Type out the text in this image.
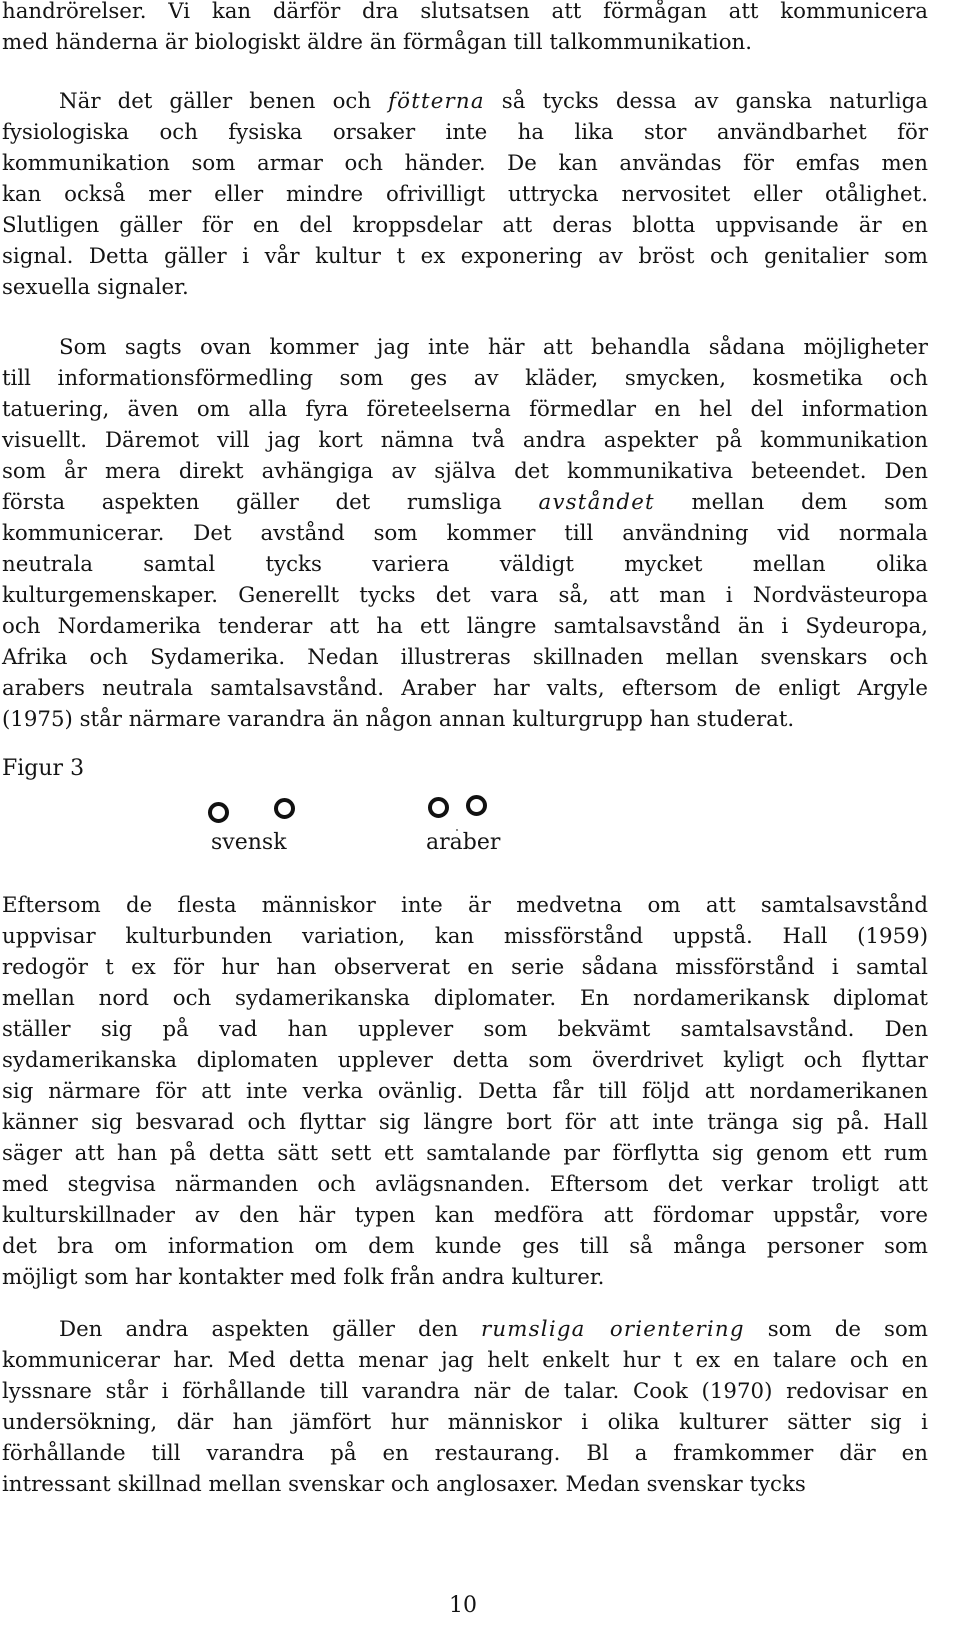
handrörelser. Vi kan därför dra slutsatsen att förmågan att kommunicera
med händerna är biologiskt äldre än förmågan till talkommunikation.
När det gäller benen och fötterna så tycks dessa av ganska naturliga
fysiologiska och fysiska orsaker inte ha lika stor användbarhet för
kommunikation som armar och händer. De kan användas för emfas men
kan också mer eller mindre ofrivilligt uttrycka nervositet eller otålighet.
Slutligen gäller för en del kroppsdelar att deras blotta uppvisande är en
signal. Detta gäller i vår kultur t ex exponering av bröst och genitalier som
sexuella signaler.
Som sagts ovan kommer jag inte här att behandla sådana möjligheter
till informationsförmedling som ges av kläder, smycken, kosmetika och
tatuering, även om alla fyra företeelserna förmedlar en hel del information
visuellt. Däremot vill jag kort nämna två andra aspekter på kommunikation
som år mera direkt avhängiga av själva det kommunikativa beteendet. Den
första aspekten gäller det rumsliga avståndet mellan dem som
kommunicerar. Det avstånd som kommer till användning vid normala
neutrala samtal tycks variera väldigt mycket mellan olika
kulturgemenskaper. Generellt tycks det vara så, att man i Nordvästeuropa
och Nordamerika tenderar att ha ett längre samtalsavstånd än i Sydeuropa,
Afrika och Sydamerika. Nedan illustreras skillnaden mellan svenskars och
arabers neutrala samtalsavstånd. Araber har valts, eftersom de enligt Argyle
(1975) står närmare varandra än någon annan kulturgrupp han studerat.
Figur 3
svensk	araber
Eftersom de flesta människor inte är medvetna om att samtalsavstånd
uppvisar kulturbunden variation, kan missförstånd uppstå. Hall (1959)
redogör t ex för hur han observerat en serie sådana missförstånd i samtal
mellan nord och sydamerikanska diplomater. En nordamerikansk diplomat
ställer sig på vad han upplever som bekvämt samtalsavstånd. Den
sydamerikanska diplomaten upplever detta som överdrivet kyligt och flyttar
sig närmare för att inte verka ovänlig. Detta får till följd att nordamerikanen
känner sig besvarad och flyttar sig längre bort för att inte tränga sig på. Hall
säger att han på detta sätt sett ett samtalande par förflytta sig genom ett rum
med stegvisa närmanden och avlägsnanden. Eftersom det verkar troligt att
kulturskillnader av den här typen kan medföra att fördomar uppstår, vore
det bra om information om dem kunde ges till så många personer som
möjligt som har kontakter med folk från andra kulturer.
Den andra aspekten gäller den rumsliga orientering som de som
kommunicerar har. Med detta menar jag helt enkelt hur t ex en talare och en
lyssnare står i förhållande till varandra när de talar. Cook (1970) redovisar en
undersökning, där han jämfört hur människor i olika kulturer sätter sig i
förhållande till varandra på en restaurang. Bl a framkommer där en
intressant skillnad mellan svenskar och anglosaxer. Medan svenskar tycks
10
